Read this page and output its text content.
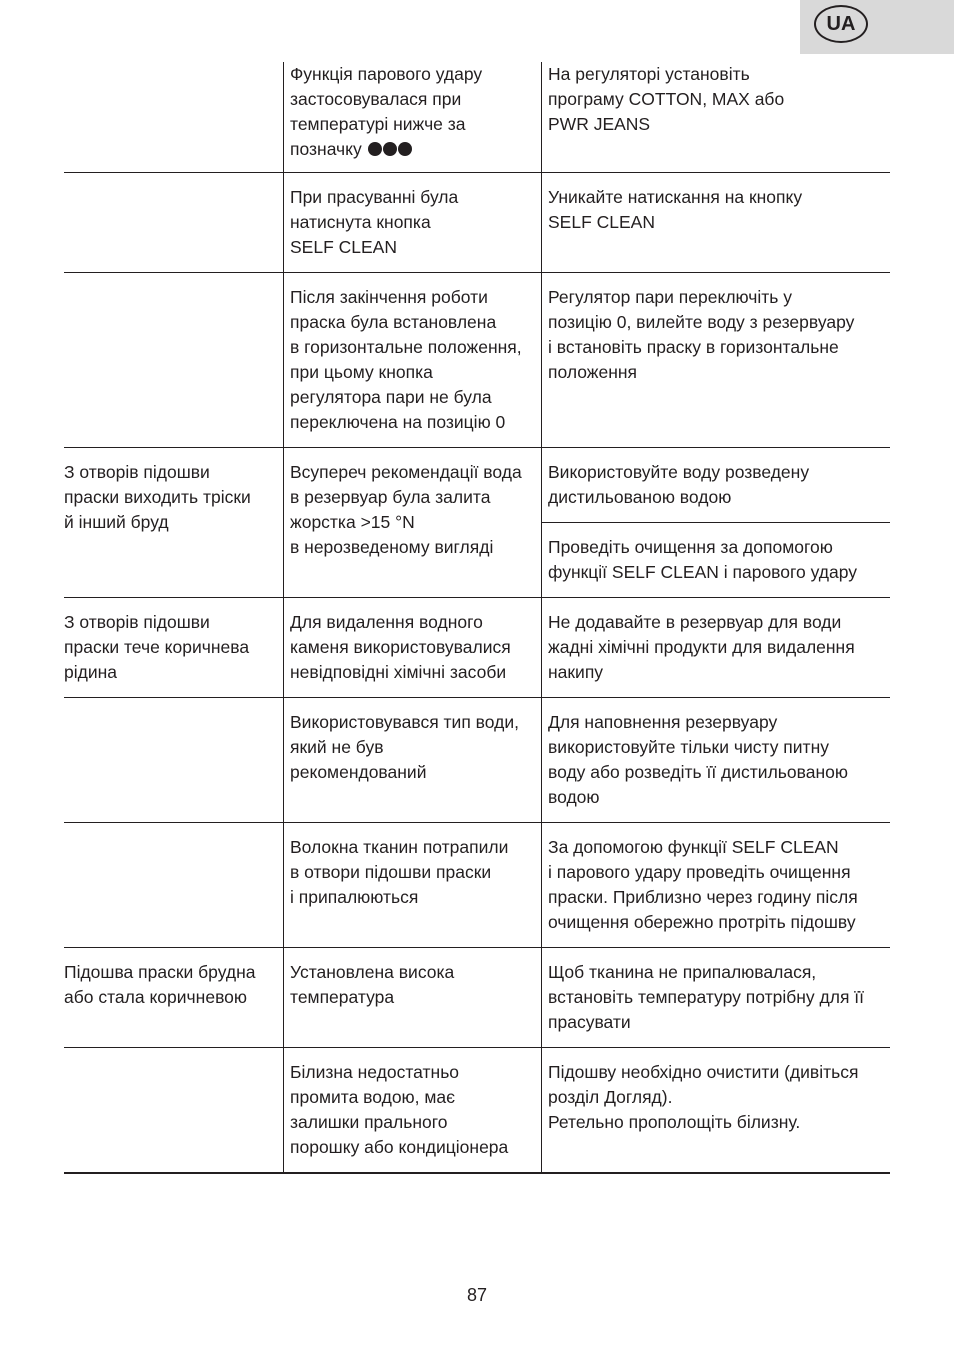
UA
Функція парового удару
застосовувалася при
температурі нижче за
позначку
На регуляторі установіть
програму COTTON, MAX або
PWR JEANS
При прасуванні була
натиснута кнопка
SELF CLEAN
Уникайте натискання на кнопку
SELF CLEAN
Після закінчення роботи
праска була встановлена
в горизонтальне положення,
при цьому кнопка
регулятора пари не була
переключена на позицію 0
Регулятор пари переключіть у
позицію 0, вилейте воду з резервуару
і встановіть праску в горизонтальне
положення
З отворів підошви
праски виходить тріски
й інший бруд
Всупереч рекомендації вода
в резервуар була залита
жорстка >15 °N
в нерозведеному вигляді

Використовуйте воду розведену
дистильованою водою

Проведіть очищення за допомогою
функції SELF CLEAN і парового удару

З отворів підошви
праски тече коричнева
рідина
Для видалення водного
каменя використовувалися
невідповідні хімічні засоби
Не додавайте в резервуар для води
жадні хімічні продукти для видалення
накипу
Використовувався тип води,
який не був
рекомендований
Для наповнення резервуару
використовуйте тільки чисту питну
воду або розведіть її дистильованою
водою
Волокна тканин потрапили
в отвори підошви праски
і припалюються
За допомогою функції SELF CLEAN
і парового удару проведіть очищення
праски. Приблизно через годину після
очищення обережно протріть підошву
Підошва праски брудна
або стала коричневою
Установлена висока
температура
Щоб тканина не припалювалася,
встановіть температуру потрібну для її
прасувати
Білизна недостатньо
промита водою, має
залишки прального
порошку або кондиціонера
Підошву необхідно очистити (дивіться
розділ Догляд).
Ретельно прополощіть білизну.
87
